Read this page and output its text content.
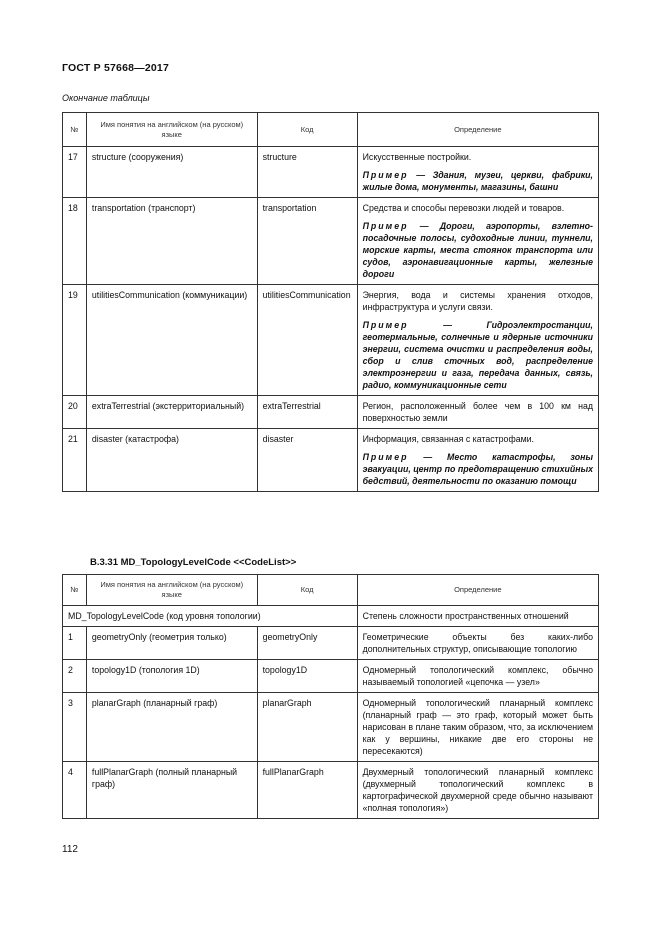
ГОСТ Р 57668—2017
Окончание таблицы
№	Имя понятия на английском (на русском) языке	Код	Определение
17	structure (сооружения)	structure	Искусственные постройки.

Пример — Здания, музеи, церкви, фабрики, жилые дома, монументы, магазины, башни

18	transportation (транспорт)	transportation	Средства и способы перевозки людей и товаров.

Пример — Дороги, аэропорты, взлетно-посадочные полосы, судоходные линии, туннели, морские карты, места стоянок транспорта или судов, аэронавигационные карты, железные дороги

19	utilitiesCommunication (коммуникации)	utilitiesCommunication	Энергия, вода и системы хранения отходов, инфраструктура и услуги связи.

Пример — Гидроэлектростанции, геотермальные, солнечные и ядерные источники энергии, система очистки и распределения воды, сбор и слив сточных вод, распределение электроэнергии и газа, передача данных, связь, радио, коммуникационные сети

20	extraTerrestrial (экстерриториальный)	extraTerrestrial	Регион, расположенный более чем в 100 км над поверхностью земли

21	disaster (катастрофа)	disaster	Информация, связанная с катастрофами.

Пример — Место катастрофы, зоны эвакуации, центр по предотвращению стихийных бедствий, деятельности по оказанию помощи

В.3.31 MD_TopologyLevelCode <<CodeList>>
№	Имя понятия на английском (на русском) языке	Код	Определение
MD_TopologyLevelCode (код уровня топологии)			Степень сложности пространственных отношений
1	geometryOnly (геометрия только)	geometryOnly	Геометрические объекты без каких-либо дополнительных структур, описывающие топологию
2	topology1D (топология 1D)	topology1D	Одномерный топологический комплекс, обычно называемый топологией «цепочка — узел»
3	planarGraph (планарный граф)	planarGraph	Одномерный топологический планарный комплекс (планарный граф — это граф, который может быть нарисован в плане таким образом, что, за исключением как у вершины, никакие две его стороны не пересекаются)
4	fullPlanarGraph (полный планарный граф)	fullPlanarGraph	Двухмерный топологический планарный комплекс (двухмерный топологический комплекс в картографической двухмерной среде обычно называют «полная топология»)
112
